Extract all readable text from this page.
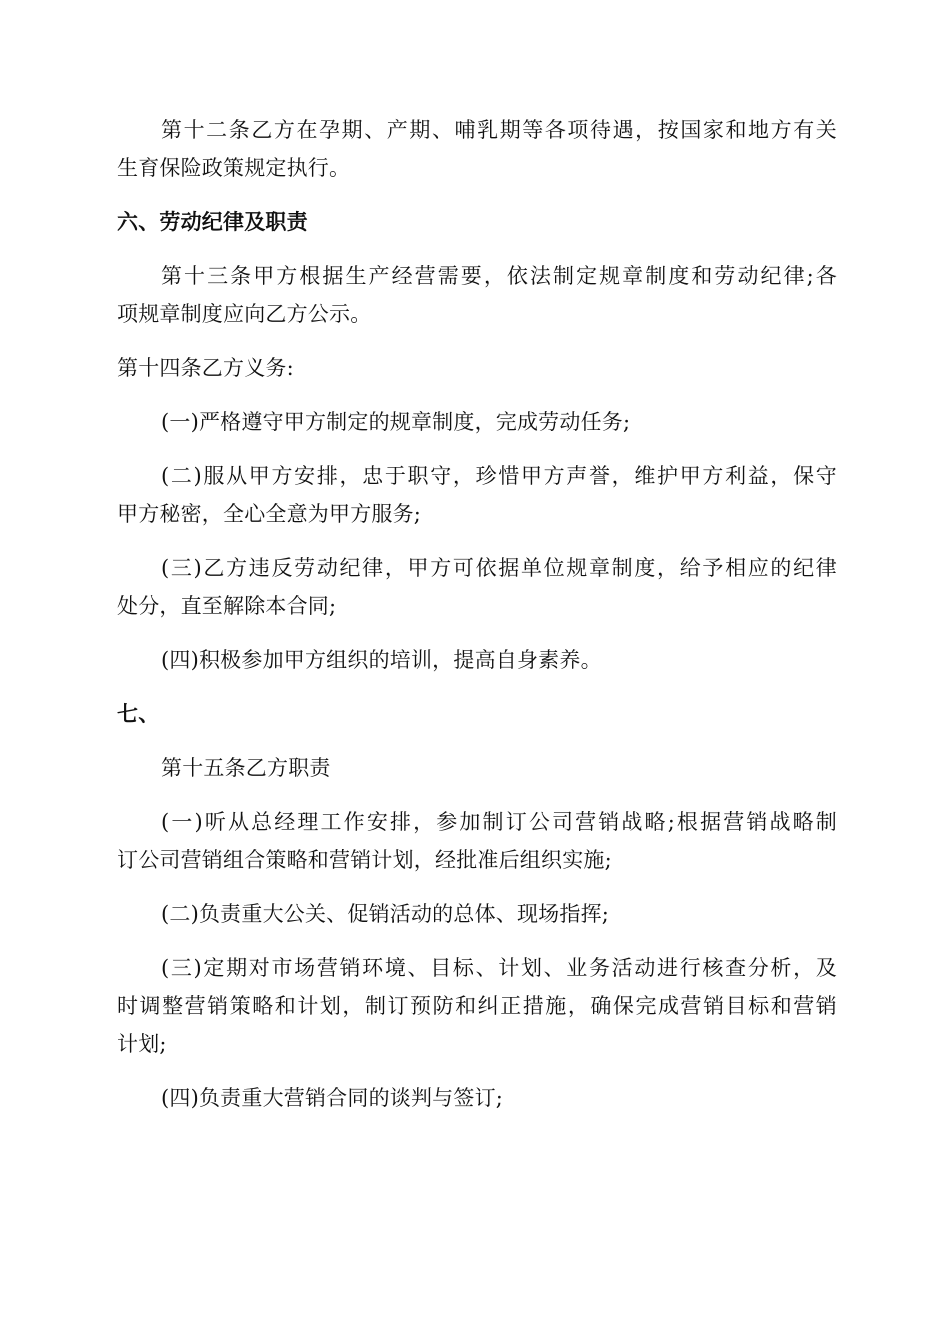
第十二条乙方在孕期、产期、哺乳期等各项待遇，按国家和地方有关
生育保险政策规定执行。
六、劳动纪律及职责
第十三条甲方根据生产经营需要，依法制定规章制度和劳动纪律;各
项规章制度应向乙方公示。
第十四条乙方义务:
(一)严格遵守甲方制定的规章制度，完成劳动任务;
(二)服从甲方安排，忠于职守，珍惜甲方声誉，维护甲方利益，保守
甲方秘密，全心全意为甲方服务;
(三)乙方违反劳动纪律，甲方可依据单位规章制度，给予相应的纪律
处分，直至解除本合同;
(四)积极参加甲方组织的培训，提高自身素养。
七、
第十五条乙方职责
(一)听从总经理工作安排，参加制订公司营销战略;根据营销战略制
订公司营销组合策略和营销计划，经批准后组织实施;
(二)负责重大公关、促销活动的总体、现场指挥;
(三)定期对市场营销环境、目标、计划、业务活动进行核查分析，及
时调整营销策略和计划，制订预防和纠正措施，确保完成营销目标和营销
计划;
(四)负责重大营销合同的谈判与签订;
